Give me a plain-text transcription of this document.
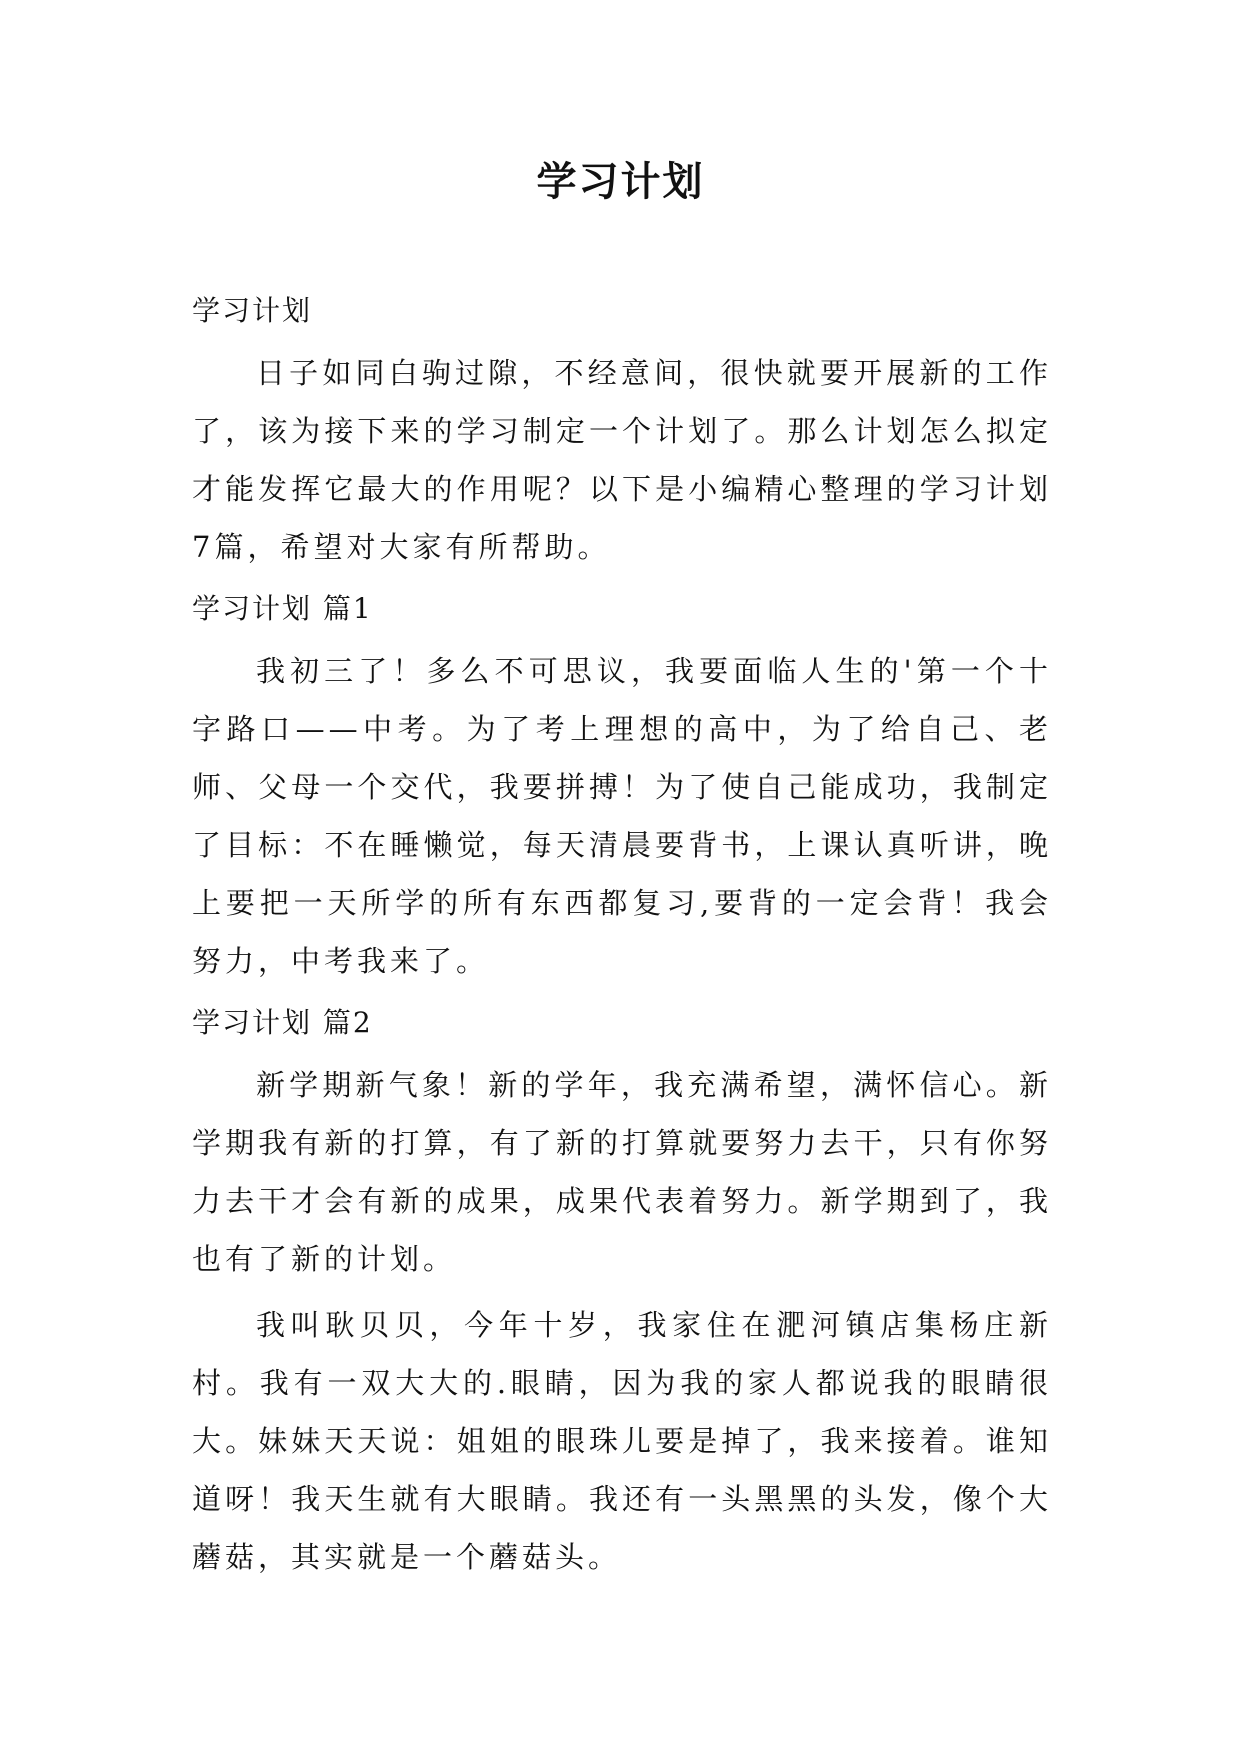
学习计划
学习计划

日子如同白驹过隙，不经意间，很快就要开展新的工作了，该为接下来的学习制定一个计划了。那么计划怎么拟定才能发挥它最大的作用呢？以下是小编精心整理的学习计划7篇，希望对大家有所帮助。

学习计划 篇1

我初三了！多么不可思议，我要面临人生的'第一个十字路口——中考。为了考上理想的高中，为了给自己、老师、父母一个交代，我要拼搏！为了使自己能成功，我制定了目标：不在睡懒觉，每天清晨要背书，上课认真听讲，晚上要把一天所学的所有东西都复习,要背的一定会背！我会努力，中考我来了。

学习计划 篇2

新学期新气象！新的学年，我充满希望，满怀信心。新学期我有新的打算，有了新的打算就要努力去干，只有你努力去干才会有新的成果，成果代表着努力。新学期到了，我也有了新的计划。

我叫耿贝贝，今年十岁，我家住在淝河镇店集杨庄新村。我有一双大大的.眼睛，因为我的家人都说我的眼睛很大。妹妹天天说：姐姐的眼珠儿要是掉了，我来接着。谁知道呀！我天生就有大眼睛。我还有一头黑黑的头发，像个大蘑菇，其实就是一个蘑菇头。
